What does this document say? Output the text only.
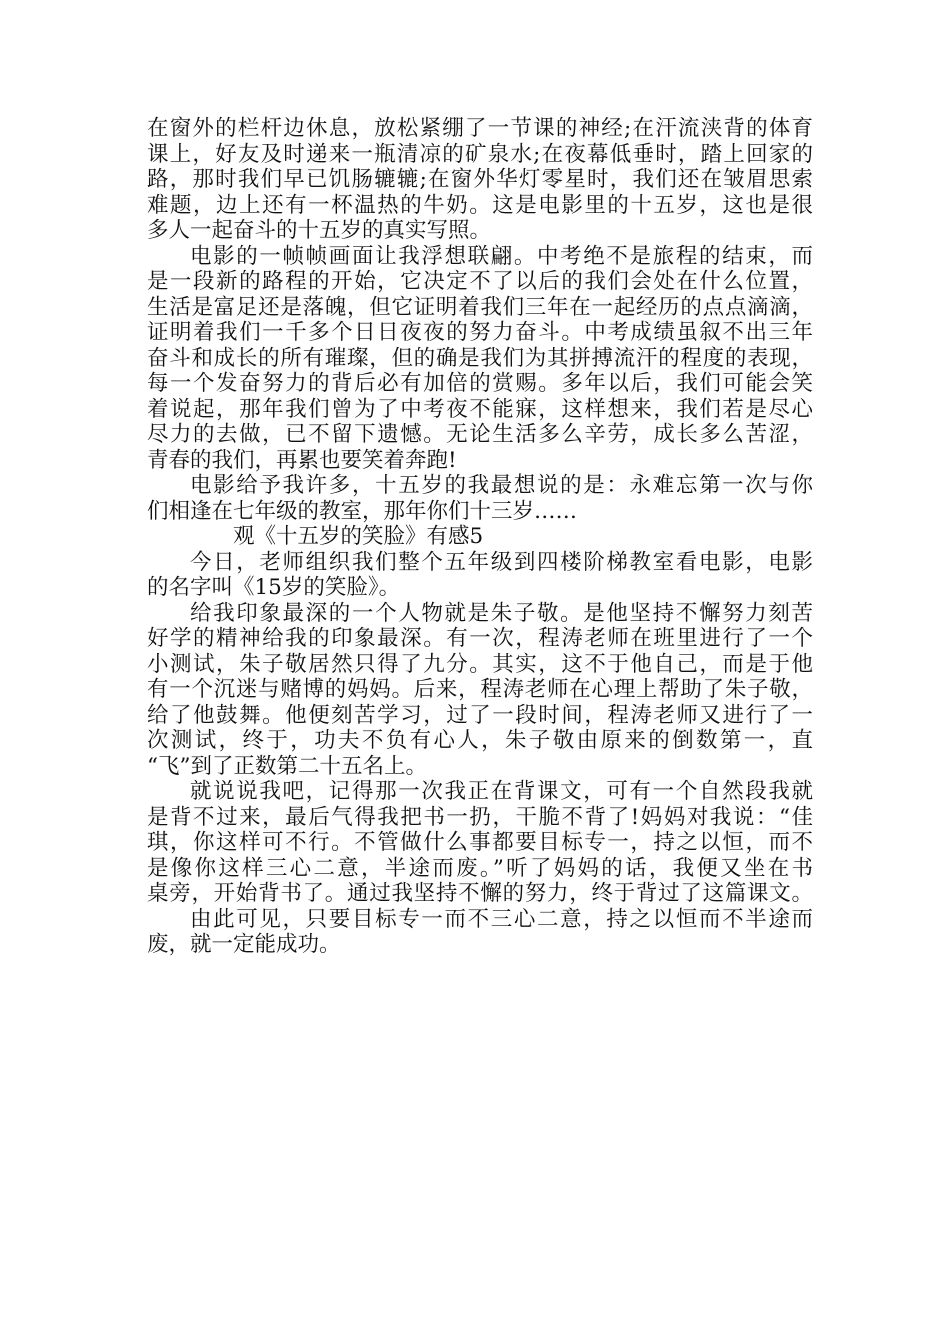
在窗外的栏杆边休息，放松紧绷了一节课的神经;在汗流浃背的体育
课上，好友及时递来一瓶清凉的矿泉水;在夜幕低垂时，踏上回家的
路，那时我们早已饥肠辘辘;在窗外华灯零星时，我们还在皱眉思索
难题，边上还有一杯温热的牛奶。这是电影里的十五岁，这也是很
多人一起奋斗的十五岁的真实写照。
电影的一帧帧画面让我浮想联翩。中考绝不是旅程的结束，而
是一段新的路程的开始，它决定不了以后的我们会处在什么位置，
生活是富足还是落魄，但它证明着我们三年在一起经历的点点滴滴，
证明着我们一千多个日日夜夜的努力奋斗。中考成绩虽叙不出三年
奋斗和成长的所有璀璨，但的确是我们为其拼搏流汗的程度的表现，
每一个发奋努力的背后必有加倍的赏赐。多年以后，我们可能会笑
着说起，那年我们曾为了中考夜不能寐，这样想来，我们若是尽心
尽力的去做，已不留下遗憾。无论生活多么辛劳，成长多么苦涩，
青春的我们，再累也要笑着奔跑!
电影给予我许多，十五岁的我最想说的是：永难忘第一次与你
们相逢在七年级的教室，那年你们十三岁……
观《十五岁的笑脸》有感5
今日，老师组织我们整个五年级到四楼阶梯教室看电影，电影
的名字叫《15岁的笑脸》。
给我印象最深的一个人物就是朱子敬。是他坚持不懈努力刻苦
好学的精神给我的印象最深。有一次，程涛老师在班里进行了一个
小测试，朱子敬居然只得了九分。其实，这不于他自己，而是于他
有一个沉迷与赌博的妈妈。后来，程涛老师在心理上帮助了朱子敬，
给了他鼓舞。他便刻苦学习，过了一段时间，程涛老师又进行了一
次测试，终于，功夫不负有心人，朱子敬由原来的倒数第一，直
“飞”到了正数第二十五名上。
就说说我吧，记得那一次我正在背课文，可有一个自然段我就
是背不过来，最后气得我把书一扔，干脆不背了!妈妈对我说：“佳
琪，你这样可不行。不管做什么事都要目标专一，持之以恒，而不
是像你这样三心二意，半途而废。”听了妈妈的话，我便又坐在书
桌旁，开始背书了。通过我坚持不懈的努力，终于背过了这篇课文。
由此可见，只要目标专一而不三心二意，持之以恒而不半途而
废，就一定能成功。
